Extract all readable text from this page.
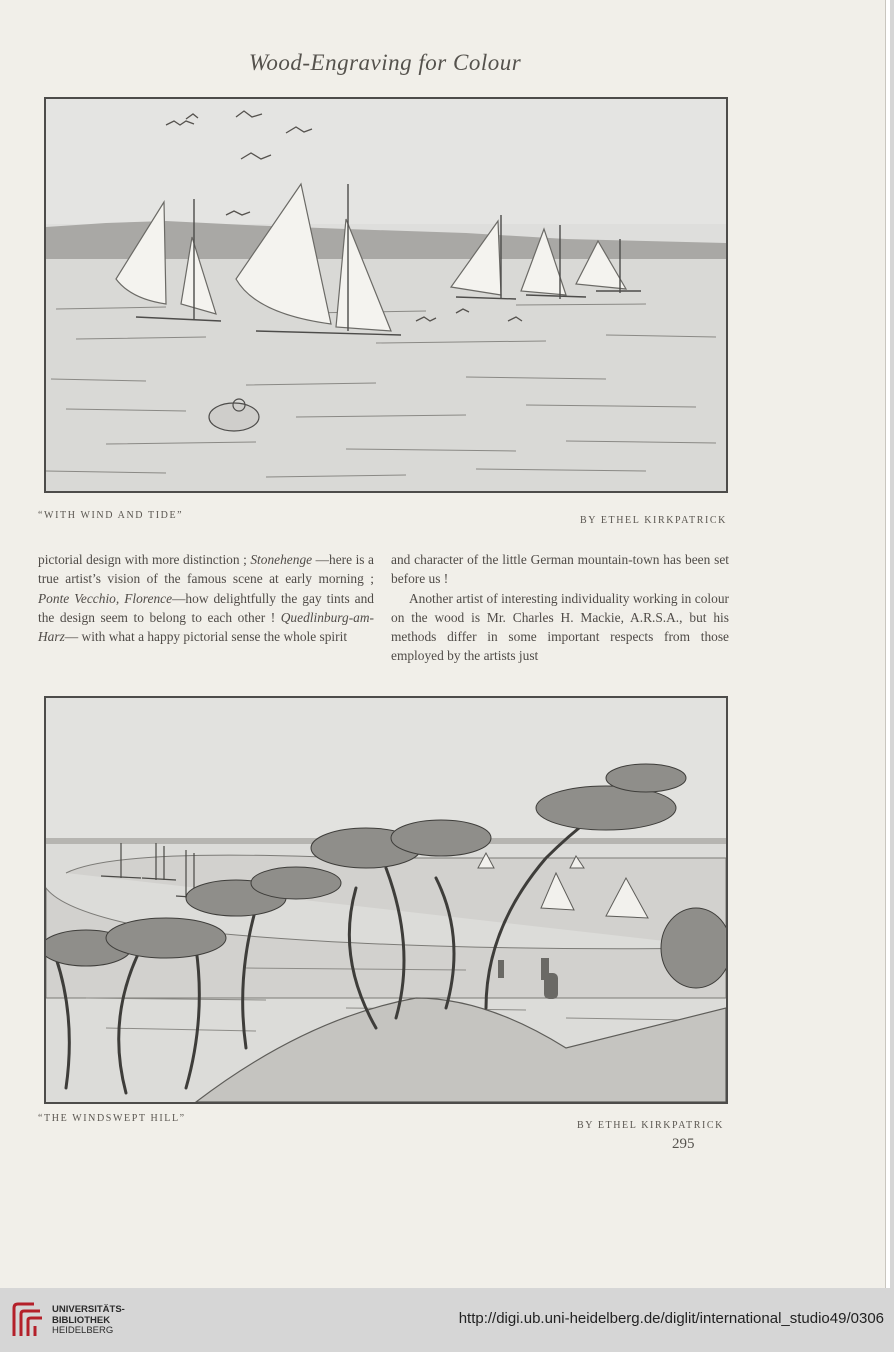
Wood-Engraving for Colour
“WITH WIND AND TIDE”	BY ETHEL KIRKPATRICK

pictorial design with more distinction ; Stonehenge —here is a true artist’s vision of the famous scene at early morning ; Ponte Vecchio, Florence—how delightfully the gay tints and the design seem to belong to each other ! Quedlinburg-am-Harz— with what a happy pictorial sense the whole spirit

and character of the little German mountain-town has been set before us !

Another artist of interesting individuality working in colour on the wood is Mr. Charles H. Mackie, A.R.S.A., but his methods differ in some important respects from those employed by the artists just

“THE WINDSWEPT HILL”
BY ETHEL KIRKPATRICK
295
UNIVERSITÄTS-
BIBLIOTHEK
HEIDELBERG
http://digi.ub.uni-heidelberg.de/diglit/international_studio49/0306
